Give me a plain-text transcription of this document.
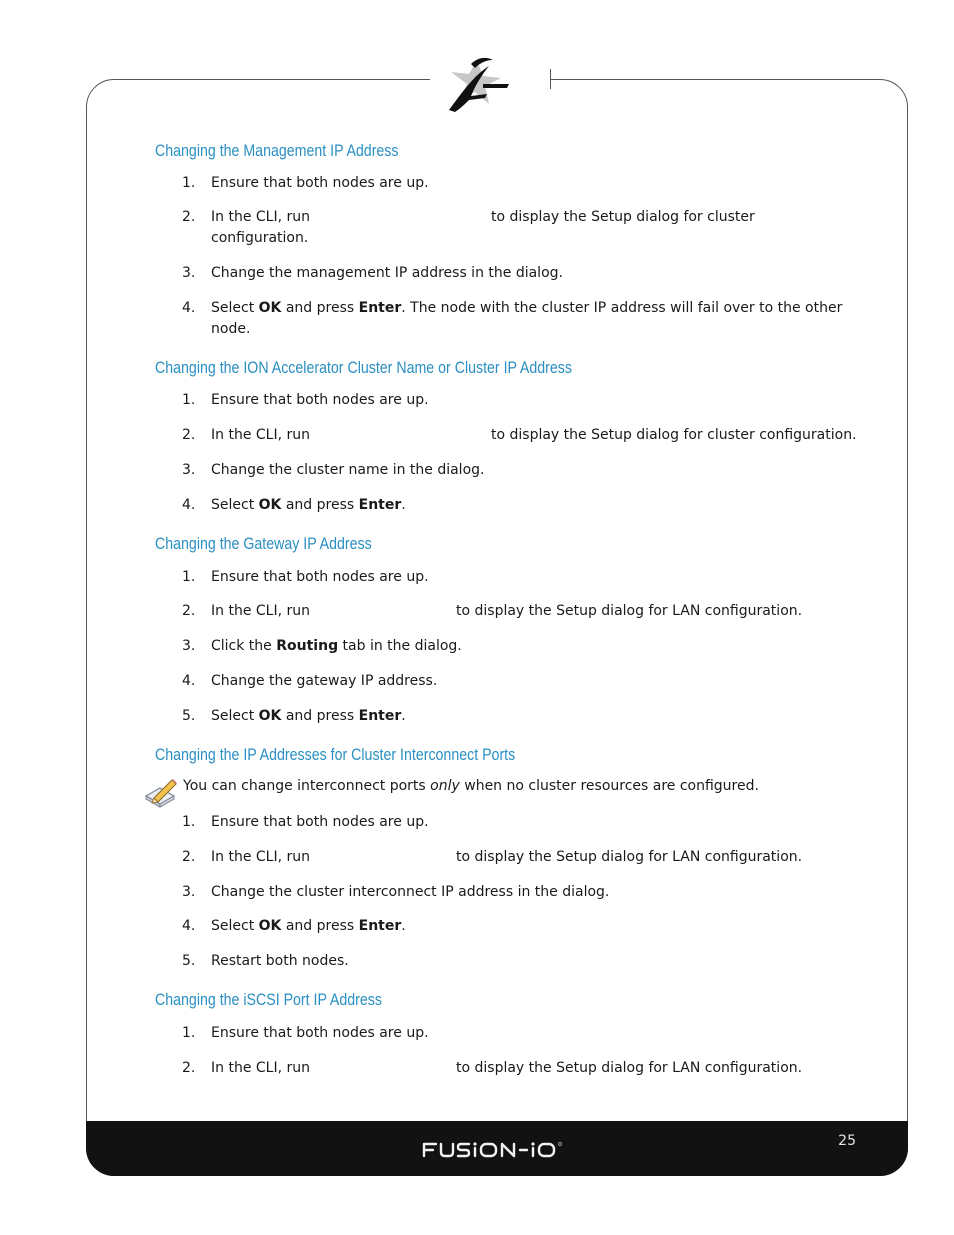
Changing the Management IP Address
1. Ensure that both nodes are up.
2. In the CLI, run	to display the Setup dialog for cluster
configuration.
3. Change the management IP address in the dialog.
4. Select OK and press Enter. The node with the cluster IP address will fail over to the other
node.
Changing the ION Accelerator Cluster Name or Cluster IP Address
1. Ensure that both nodes are up.
2. In the CLI, run	to display the Setup dialog for cluster configuration.
3. Change the cluster name in the dialog.
4. Select OK and press Enter.
Changing the Gateway IP Address
1. Ensure that both nodes are up.
2. In the CLI, run	to display the Setup dialog for LAN configuration.
3. Click the Routing tab in the dialog.
4. Change the gateway IP address.
5. Select OK and press Enter.
Changing the IP Addresses for Cluster Interconnect Ports
You can change interconnect ports only when no cluster resources are configured.
1. Ensure that both nodes are up.
2. In the CLI, run	to display the Setup dialog for LAN configuration.
3. Change the cluster interconnect IP address in the dialog.
4. Select OK and press Enter.
5. Restart both nodes.
Changing the iSCSI Port IP Address
1. Ensure that both nodes are up.
2. In the CLI, run	to display the Setup dialog for LAN configuration.
25
